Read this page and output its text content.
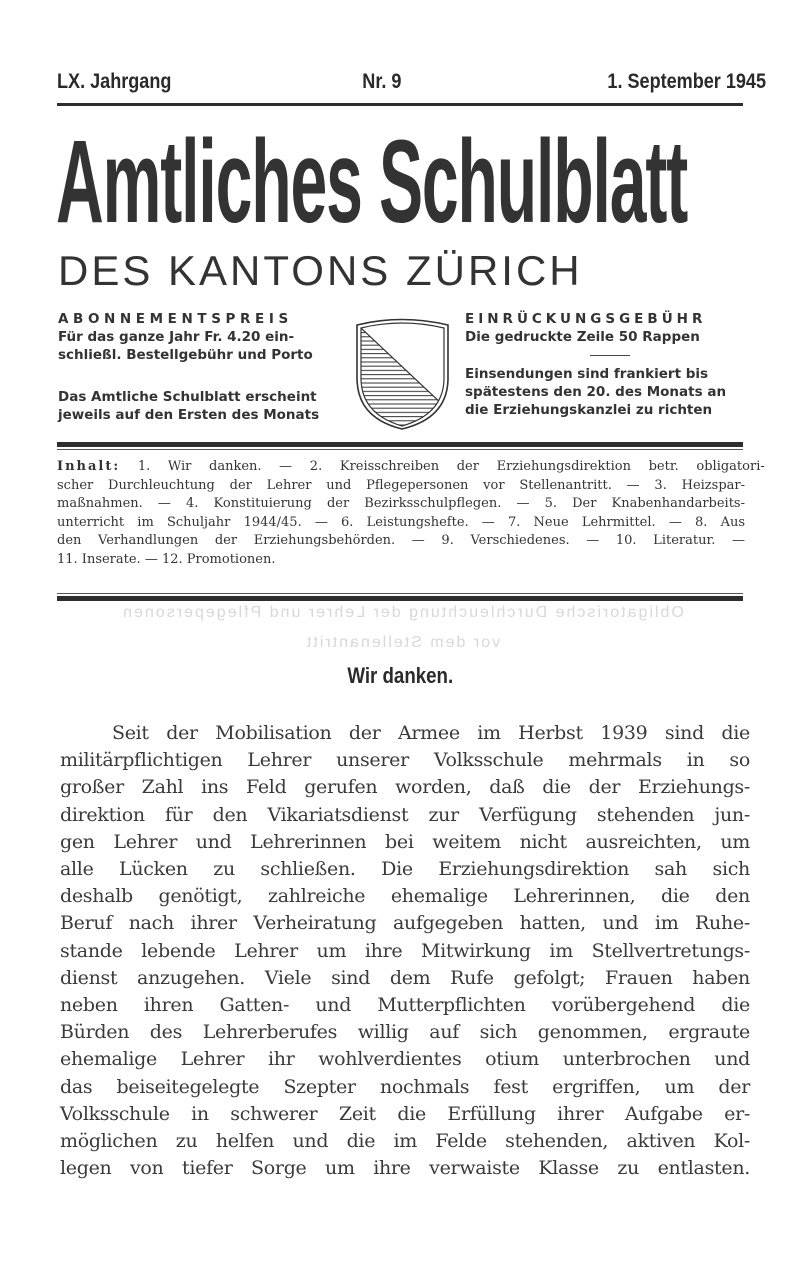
LX. Jahrgang	Nr. 9	1. September 1945
Amtliches Schulblatt
DES KANTONS ZÜRICH

ABONNEMENTSPREIS

Für das ganze Jahr Fr. 4.20 ein-

schließl. Bestellgebühr und Porto

Das Amtliche Schulblatt erscheint

jeweils auf den Ersten des Monats

EINRÜCKUNGSGEBÜHR

Die gedruckte Zeile 50 Rappen

Einsendungen sind frankiert bis

spätestens den 20. des Monats an

die Erziehungskanzlei zu richten

Inhalt: 1. Wir danken. — 2. Kreisschreiben der Erziehungsdirektion betr. obligatori-
scher Durchleuchtung der Lehrer und Pflegepersonen vor Stellenantritt. — 3. Heizspar-
maßnahmen. — 4. Konstituierung der Bezirksschulpflegen. — 5. Der Knabenhandarbeits-
unterricht im Schuljahr 1944/45. — 6. Leistungshefte. — 7. Neue Lehrmittel. — 8. Aus
den Verhandlungen der Erziehungsbehörden. — 9. Verschiedenes. — 10. Literatur. —
11. Inserate. — 12. Promotionen.
Obligatorische Durchleuchtung der Lehrer und Pflegepersonen
vor dem Stellenantritt
Wir danken.
Seit der Mobilisation der Armee im Herbst 1939 sind die
militärpflichtigen Lehrer unserer Volksschule mehrmals in so
großer Zahl ins Feld gerufen worden, daß die der Erziehungs-
direktion für den Vikariatsdienst zur Verfügung stehenden jun-
gen Lehrer und Lehrerinnen bei weitem nicht ausreichten, um
alle Lücken zu schließen. Die Erziehungsdirektion sah sich
deshalb genötigt, zahlreiche ehemalige Lehrerinnen, die den
Beruf nach ihrer Verheiratung aufgegeben hatten, und im Ruhe-
stande lebende Lehrer um ihre Mitwirkung im Stellvertretungs-
dienst anzugehen. Viele sind dem Rufe gefolgt; Frauen haben
neben ihren Gatten- und Mutterpflichten vorübergehend die
Bürden des Lehrerberufes willig auf sich genommen, ergraute
ehemalige Lehrer ihr wohlverdientes otium unterbrochen und
das beiseitegelegte Szepter nochmals fest ergriffen, um der
Volksschule in schwerer Zeit die Erfüllung ihrer Aufgabe er-
möglichen zu helfen und die im Felde stehenden, aktiven Kol-
legen von tiefer Sorge um ihre verwaiste Klasse zu entlasten.
